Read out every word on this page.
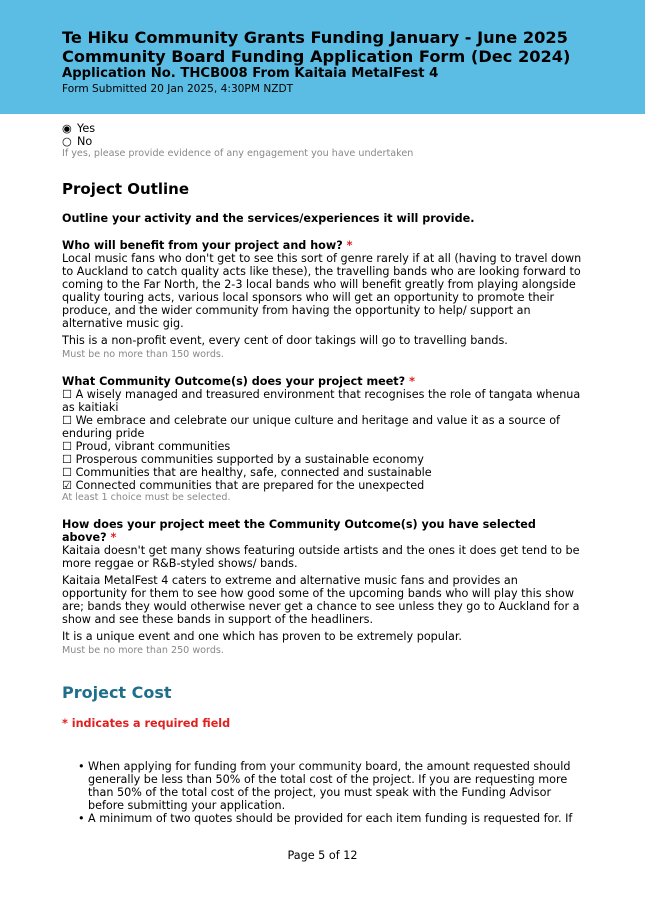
Te Hiku Community Grants Funding January - June 2025
Community Board Funding Application Form (Dec 2024)
Application No. THCB008 From Kaitaia MetalFest 4
Form Submitted 20 Jan 2025, 4:30PM NZDT
◉ Yes
○ No
If yes, please provide evidence of any engagement you have undertaken
Project Outline
Outline your activity and the services/experiences it will provide.
Who will benefit from your project and how? *

Local music fans who don't get to see this sort of genre rarely if at all (having to travel down to Auckland to catch quality acts like these), the travelling bands who are looking forward to coming to the Far North, the 2-3 local bands who will benefit greatly from playing alongside quality touring acts, various local sponsors who will get an opportunity to promote their produce, and the wider community from having the opportunity to help/ support an alternative music gig.

This is a non-profit event, every cent of door takings will go to travelling bands.

Must be no more than 150 words.
What Community Outcome(s) does your project meet? *
☐ A wisely managed and treasured environment that recognises the role of tangata whenua as kaitiaki
☐ We embrace and celebrate our unique culture and heritage and value it as a source of enduring pride
☐ Proud, vibrant communities
☐ Prosperous communities supported by a sustainable economy
☐ Communities that are healthy, safe, connected and sustainable
☑ Connected communities that are prepared for the unexpected
At least 1 choice must be selected.
How does your project meet the Community Outcome(s) you have selected above? *

Kaitaia doesn't get many shows featuring outside artists and the ones it does get tend to be more reggae or R&B-styled shows/ bands.

Kaitaia MetalFest 4 caters to extreme and alternative music fans and provides an opportunity for them to see how good some of the upcoming bands who will play this show are; bands they would otherwise never get a chance to see unless they go to Auckland for a show and see these bands in support of the headliners.

It is a unique event and one which has proven to be extremely popular.

Must be no more than 250 words.
Project Cost
* indicates a required field
• When applying for funding from your community board, the amount requested should generally be less than 50% of the total cost of the project. If you are requesting more than 50% of the total cost of the project, you must speak with the Funding Advisor before submitting your application.
• A minimum of two quotes should be provided for each item funding is requested for. If
Page 5 of 12
